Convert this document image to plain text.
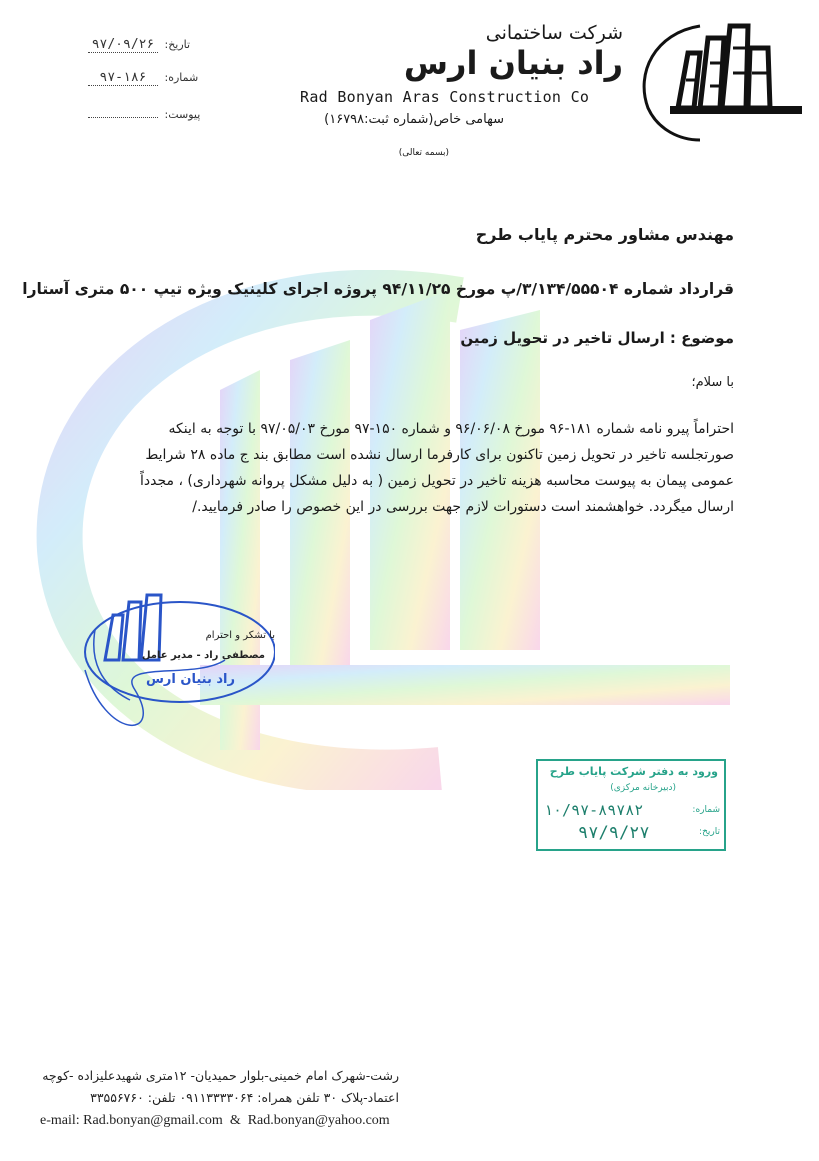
تاریخ: ۹۷/۰۹/۲۶
شماره: ۹۷-۱۸۶
پیوست:
شرکت ساختمانی
راد بنیان ارس
Rad Bonyan Aras Construction Co
سهامی خاص(شماره ثبت:۱۶۷۹۸)
(بسمه تعالی)
مهندس مشاور محترم پایاب طرح
قرارداد شماره ۳/۱۳۴/۵۵۵۰۴/پ مورخ ۹۴/۱۱/۲۵ پروژه اجرای کلینیک ویژه تیپ ۵۰۰ متری آستارا
موضوع : ارسال تاخیر در تحویل زمین
با سلام؛
احتراماً پیرو نامه شماره ۱۸۱-۹۶ مورخ ۹۶/۰۶/۰۸ و شماره ۱۵۰-۹۷ مورخ ۹۷/۰۵/۰۳ با توجه به اینکه
صورتجلسه تاخیر در تحویل زمین تاکنون برای کارفرما ارسال نشده است مطابق بند ج ماده ۲۸ شرایط
عمومی پیمان به پیوست محاسبه هزینه تاخیر در تحویل زمین ( به دلیل مشکل پروانه شهرداری) ، مجدداً
ارسال میگردد. خواهشمند است دستورات لازم جهت بررسی در این خصوص را صادر فرمایید./
با تشکر و احترام
مصطفی راد - مدیر عامل
راد بنیان ارس
ورود به دفتر شرکت پایاب طرح
(دبیرخانه مرکزی)
شماره:
۱۰/۹۷-۸۹۷۸۲
تاریخ:
۹۷/۹/۲۷
رشت-شهرک امام خمینی-بلوار حمیدیان- ۱۲متری شهیدعلیزاده -کوچه
اعتماد-پلاک ۳۰ تلفن همراه: ۰۹۱۱۳۳۳۳۰۶۴ تلفن: ۳۳۵۵۶۷۶۰
e-mail: Rad.bonyan@gmail.com & Rad.bonyan@yahoo.com
